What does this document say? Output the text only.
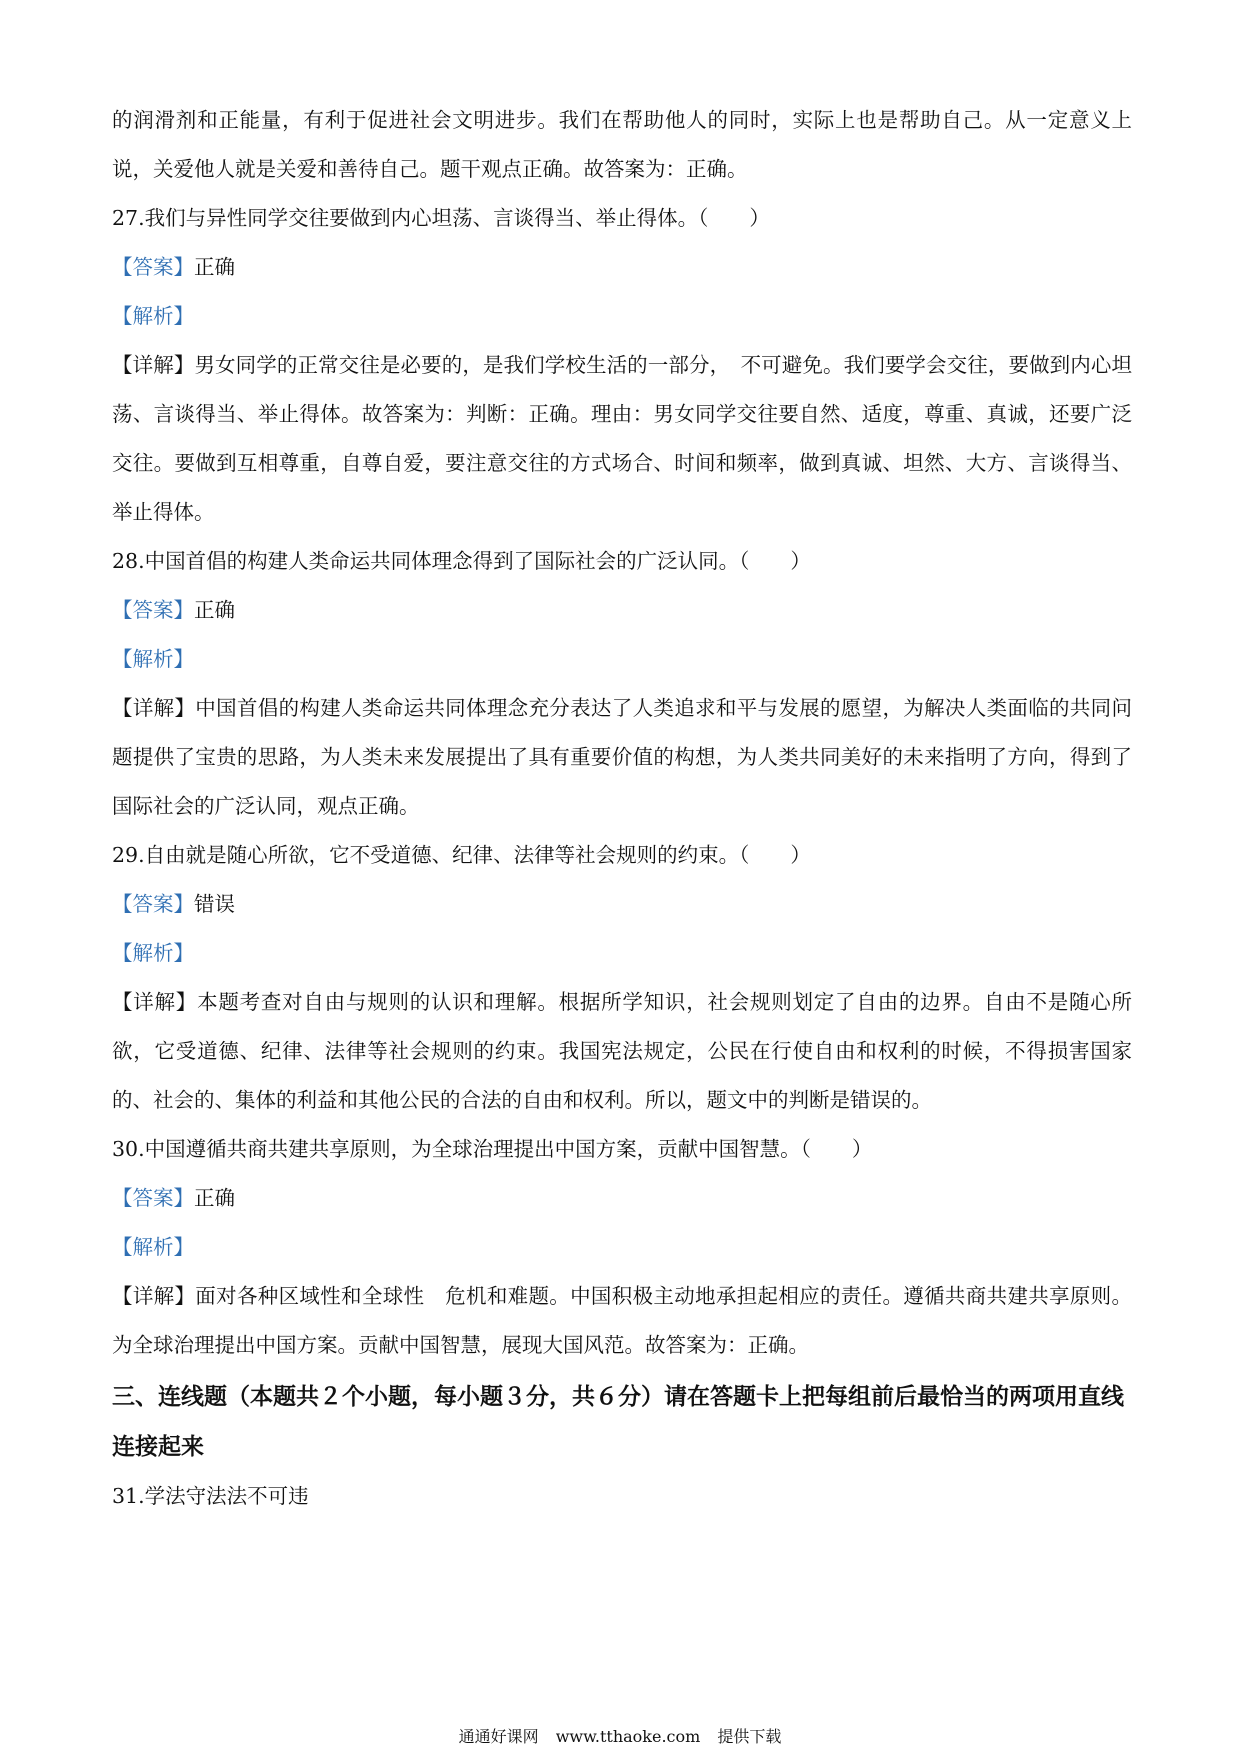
的润滑剂和正能量，有利于促进社会文明进步。我们在帮助他人的同时，实际上也是帮助自己。从一定意义上说，关爱他人就是关爱和善待自己。题干观点正确。故答案为：正确。

27.我们与异性同学交往要做到内心坦荡、言谈得当、举止得体。（　　）

【答案】正确

【解析】

【详解】男女同学的正常交往是必要的，是我们学校生活的一部分，　不可避免。我们要学会交往，要做到内心坦荡、言谈得当、举止得体。故答案为：判断：正确。理由：男女同学交往要自然、适度，尊重、真诚，还要广泛交往。要做到互相尊重，自尊自爱，要注意交往的方式场合、时间和频率，做到真诚、坦然、大方、言谈得当、举止得体。

28.中国首倡的构建人类命运共同体理念得到了国际社会的广泛认同。（　　）

【答案】正确

【解析】

【详解】中国首倡的构建人类命运共同体理念充分表达了人类追求和平与发展的愿望，为解决人类面临的共同问题提供了宝贵的思路，为人类未来发展提出了具有重要价值的构想，为人类共同美好的未来指明了方向，得到了国际社会的广泛认同，观点正确。

29.自由就是随心所欲，它不受道德、纪律、法律等社会规则的约束。（　　）

【答案】错误

【解析】

【详解】本题考查对自由与规则的认识和理解。根据所学知识，社会规则划定了自由的边界。自由不是随心所欲，它受道德、纪律、法律等社会规则的约束。我国宪法规定，公民在行使自由和权利的时候，不得损害国家的、社会的、集体的利益和其他公民的合法的自由和权利。所以，题文中的判断是错误的。

30.中国遵循共商共建共享原则，为全球治理提出中国方案，贡献中国智慧。（　　）

【答案】正确

【解析】

【详解】面对各种区域性和全球性　危机和难题。中国积极主动地承担起相应的责任。遵循共商共建共享原则。为全球治理提出中国方案。贡献中国智慧，展现大国风范。故答案为：正确。

三、连线题（本题共２个小题，每小题３分，共６分）请在答题卡上把每组前后最恰当的两项用直线连接起来

31.学法守法法不可违

通通好课网 www.tthaoke.com 提供下载
